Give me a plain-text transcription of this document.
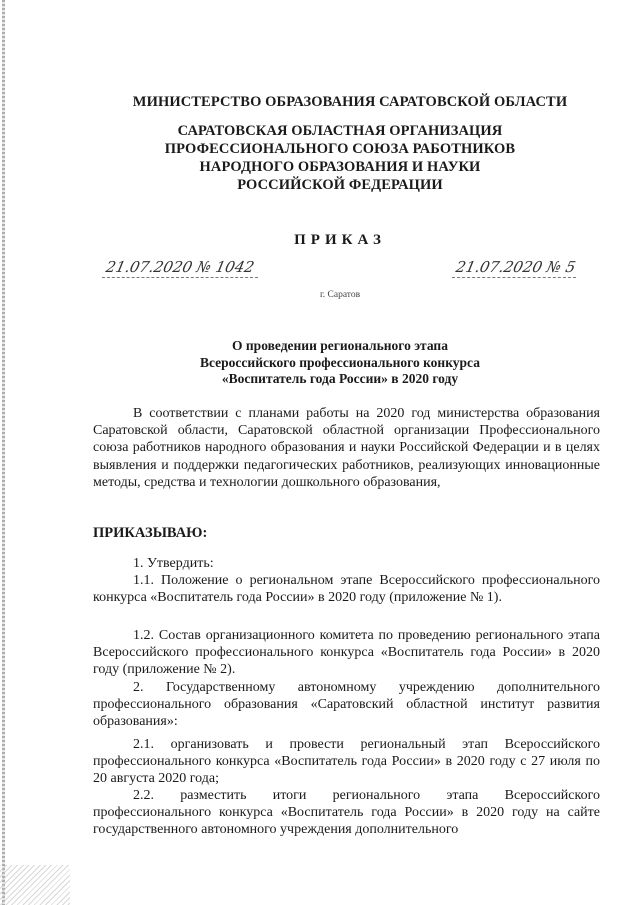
МИНИСТЕРСТВО ОБРАЗОВАНИЯ САРАТОВСКОЙ ОБЛАСТИ
САРАТОВСКАЯ ОБЛАСТНАЯ ОРГАНИЗАЦИЯ
ПРОФЕССИОНАЛЬНОГО СОЮЗА РАБОТНИКОВ
НАРОДНОГО ОБРАЗОВАНИЯ И НАУКИ
РОССИЙСКОЙ ФЕДЕРАЦИИ
ПРИКАЗ
21.07.2020 № 1042	21.07.2020 № 5
г. Саратов
О проведении регионального этапа
Всероссийского профессионального конкурса
«Воспитатель года России» в 2020 году
В соответствии с планами работы на 2020 год министерства образования Саратовской области, Саратовской областной организации Профессионального союза работников народного образования и науки Российской Федерации и в целях выявления и поддержки педагогических работников, реализующих инновационные методы, средства и технологии дошкольного образования,
ПРИКАЗЫВАЮ:
1. Утвердить:
1.1. Положение о региональном этапе Всероссийского профессионального конкурса «Воспитатель года России» в 2020 году (приложение № 1).
1.2. Состав организационного комитета по проведению регионального этапа Всероссийского профессионального конкурса «Воспитатель года России» в 2020 году (приложение № 2).
2. Государственному автономному учреждению дополнительного профессионального образования «Саратовский областной институт развития образования»:
2.1. организовать и провести региональный этап Всероссийского профессионального конкурса «Воспитатель года России» в 2020 году с 27 июля по 20 августа 2020 года;
2.2. разместить итоги регионального этапа Всероссийского профессионального конкурса «Воспитатель года России» в 2020 году на сайте государственного автономного учреждения дополнительного
